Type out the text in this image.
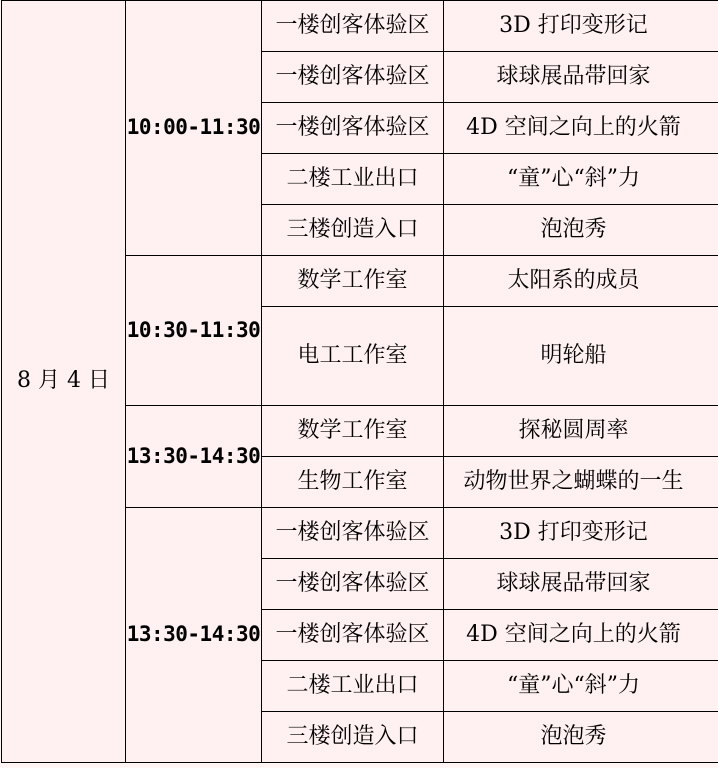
8 月 4 日	10:00-11:30	一楼创客体验区	3D 打印变形记
		一楼创客体验区	球球展品带回家
		一楼创客体验区	4D 空间之向上的火箭
		二楼工业出口	“童”心“斜”力
		三楼创造入口	泡泡秀
	10:30-11:30	数学工作室	太阳系的成员
		电工工作室	明轮船
	13:30-14:30	数学工作室	探秘圆周率
		生物工作室	动物世界之蝴蝶的一生
	13:30-14:30	一楼创客体验区	3D 打印变形记
		一楼创客体验区	球球展品带回家
		一楼创客体验区	4D 空间之向上的火箭
		二楼工业出口	“童”心“斜”力
		三楼创造入口	泡泡秀
